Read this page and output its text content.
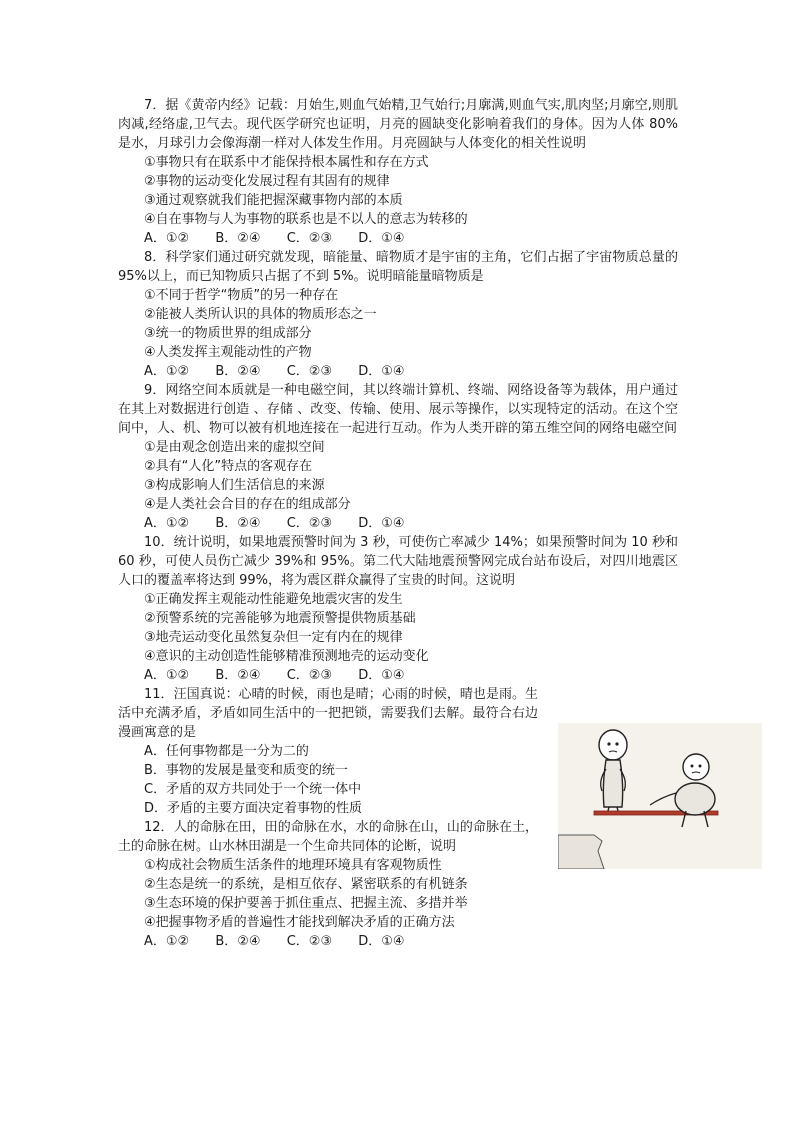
7．据《黄帝内经》记载：月始生,则血气始精,卫气始行;月廓满,则血气实,肌肉坚;月廓空,则肌肉减,经络虚,卫气去。现代医学研究也证明，月亮的圆缺变化影响着我们的身体。因为人体 80%是水，月球引力会像海潮一样对人体发生作用。月亮圆缺与人体变化的相关性说明

①事物只有在联系中才能保持根本属性和存在方式

②事物的运动变化发展过程有其固有的规律

③通过观察就我们能把握深藏事物内部的本质

④自在事物与人为事物的联系也是不以人的意志为转移的

A．①② B．②④ C．②③ D．①④

8．科学家们通过研究就发现，暗能量、暗物质才是宇宙的主角，它们占据了宇宙物质总量的 95%以上，而已知物质只占据了不到 5%。说明暗能量暗物质是

①不同于哲学“物质”的另一种存在

②能被人类所认识的具体的物质形态之一

③统一的物质世界的组成部分

④人类发挥主观能动性的产物

A．①② B．②④ C．②③ D．①④

9．网络空间本质就是一种电磁空间，其以终端计算机、终端、网络设备等为载体，用户通过在其上对数据进行创造 、存储 、改变、传输、使用、展示等操作，以实现特定的活动。在这个空间中，人、机、物可以被有机地连接在一起进行互动。作为人类开辟的第五维空间的网络电磁空间

①是由观念创造出来的虚拟空间

②具有“人化”特点的客观存在

③构成影响人们生活信息的来源

④是人类社会合目的存在的组成部分

A．①② B．②④ C．②③ D．①④

10．统计说明，如果地震预警时间为 3 秒，可使伤亡率减少 14%；如果预警时间为 10 秒和 60 秒，可使人员伤亡减少 39%和 95%。第二代大陆地震预警网完成台站布设后，对四川地震区人口的覆盖率将达到 99%，将为震区群众赢得了宝贵的时间。这说明

①正确发挥主观能动性能避免地震灾害的发生

②预警系统的完善能够为地震预警提供物质基础

③地壳运动变化虽然复杂但一定有内在的规律

④意识的主动创造性能够精准预测地壳的运动变化

A．①② B．②④ C．②③ D．①④

11．汪国真说：心晴的时候，雨也是晴；心雨的时候，晴也是雨。生活中充满矛盾，矛盾如同生活中的一把把锁，需要我们去解。最符合右边漫画寓意的是

A．任何事物都是一分为二的

B．事物的发展是量变和质变的统一

C．矛盾的双方共同处于一个统一体中

D．矛盾的主要方面决定着事物的性质

12．人的命脉在田，田的命脉在水，水的命脉在山，山的命脉在土，土的命脉在树。山水林田湖是一个生命共同体的论断，说明

①构成社会物质生活条件的地理环境具有客观物质性

②生态是统一的系统，是相互依存、紧密联系的有机链条

③生态环境的保护要善于抓住重点、把握主流、多措并举

④把握事物矛盾的普遍性才能找到解决矛盾的正确方法

A．①② B．②④ C．②③ D．①④
